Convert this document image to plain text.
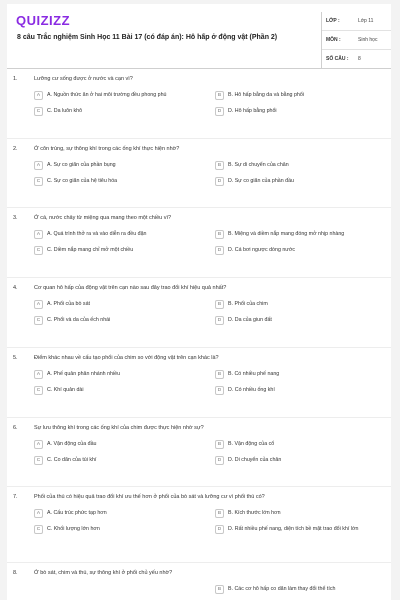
QUIZIZZ
8 câu Trắc nghiệm Sinh Học 11 Bài 17 (có đáp án): Hô hấp ở động vật (Phần 2)
LỚP :	Lớp 11
MÔN :	Sinh học
SỐ CÂU :	8
1.	Lưỡng cư sống được ở nước và cạn vì?
A	A. Nguồn thức ăn ở hai môi trường đều phong phú	B	B. Hô hấp bằng da và bằng phổi
C	C. Da luôn khô	D	D. Hô hấp bằng phổi
2.	Ở côn trùng, sự thông khí trong các ống khí thực hiện nhờ?
A	A. Sự co giãn của phần bụng	B	B. Sự di chuyển của chân
C	C. Sự co giãn của hệ tiêu hóa	D	D. Sự co giãn của phần đầu
3.	Ở cá, nước chảy từ miệng qua mang theo một chiều vì?
A	A. Quá trình thở ra và vào diễn ra đều đặn	B	B. Miệng và diềm nắp mang đóng mở nhịp nhàng
C	C. Diềm nắp mang chỉ mở một chiều	D	D. Cá bơi ngược dòng nước
4.	Cơ quan hô hấp của động vật trên cạn nào sau đây trao đổi khí hiệu quả nhất?
A	A. Phổi của bò sát	B	B. Phổi của chim
C	C. Phổi và da của ếch nhái	D	D. Da của giun đất
5.	Điểm khác nhau về cấu tạo phổi của chim so với động vật trên cạn khác là?
A	A. Phế quản phân nhánh nhiều	B	B. Có nhiều phế nang
C	C. Khí quản dài	D	D. Có nhiều ống khí
6.	Sự lưu thông khí trong các ống khí của chim được thực hiện nhờ sự?
A	A. Vận động của đầu	B	B. Vận động của cổ
C	C. Co dãn của túi khí	D	D. Di chuyển của chân
7.	Phổi của thú có hiệu quả trao đổi khí ưu thế hơn ở phổi của bò sát và lưỡng cư vì phổi thú có?
A	A. Cấu trúc phức tạp hơn	B	B. Kích thước lớn hơn
C	C. Khối lượng lớn hơn	D	D. Rất nhiều phế nang, diện tích bề mặt trao đổi khí lớn
8.	Ở bò sát, chim và thú, sự thông khí ở phổi chủ yếu nhờ?
B	B. Các cơ hô hấp co dãn làm thay đổi thể tích
